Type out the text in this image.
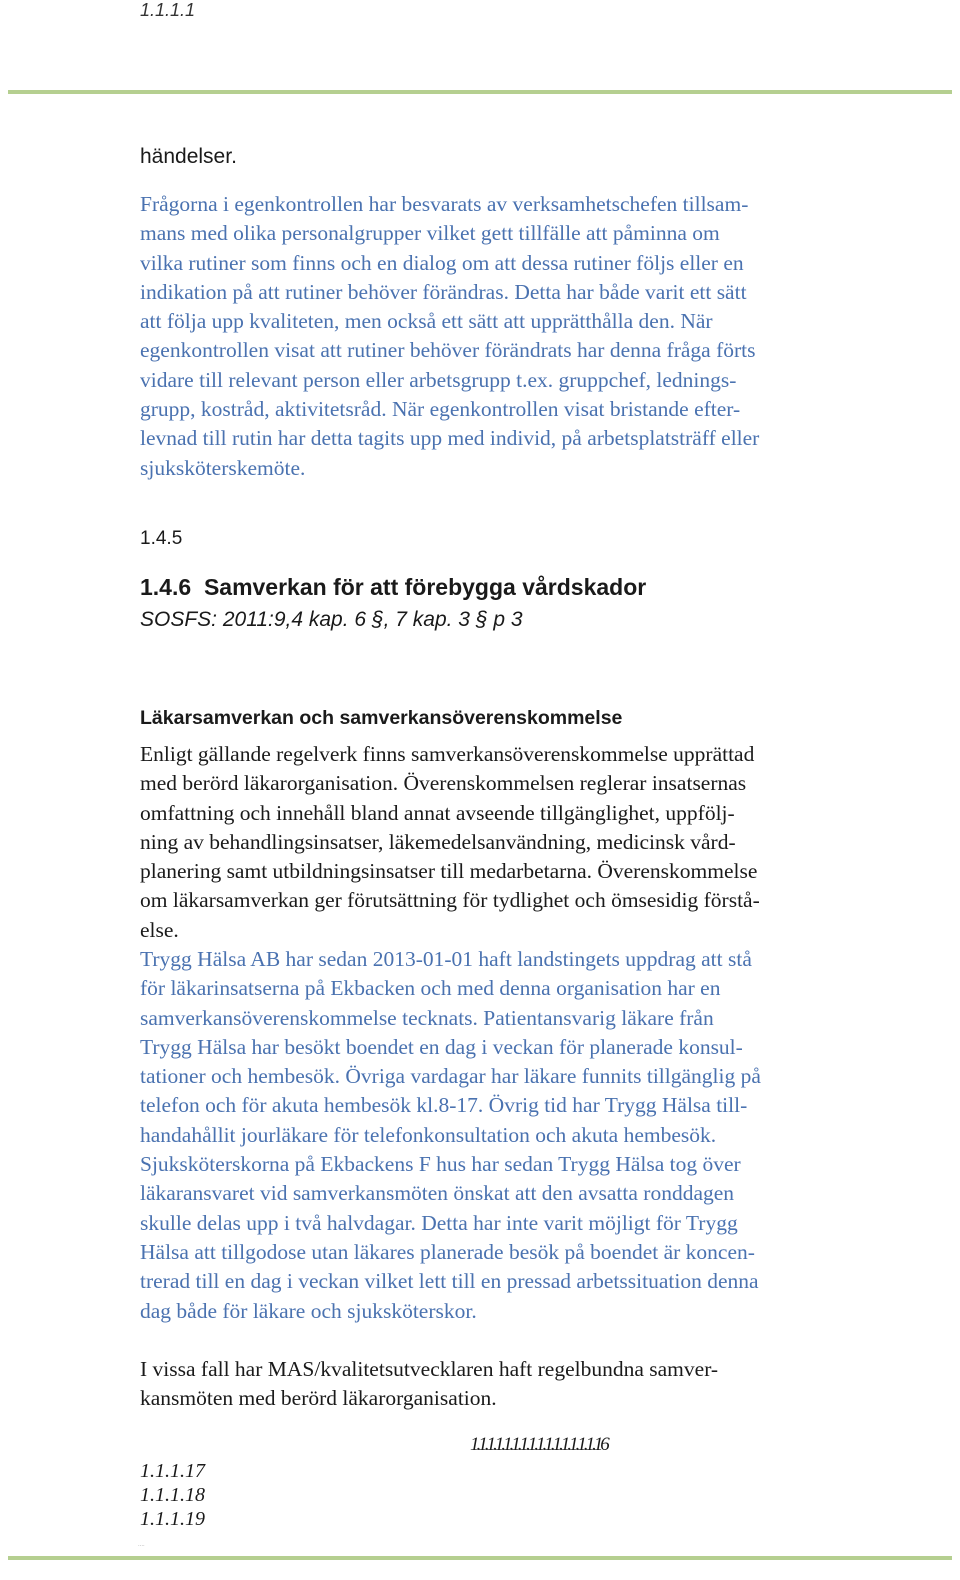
1.1.1.1
händelser.
Frågorna i egenkontrollen har besvarats av verksamhetschefen tillsam-
mans med olika personalgrupper vilket gett tillfälle att påminna om
vilka rutiner som finns och en dialog om att dessa rutiner följs eller en
indikation på att rutiner behöver förändras. Detta har både varit ett sätt
att följa upp kvaliteten, men också ett sätt att upprätthålla den. När
egenkontrollen visat att rutiner behöver förändrats har denna fråga förts
vidare till relevant person eller arbetsgrupp t.ex. gruppchef, lednings-
grupp, kostråd, aktivitetsråd. När egenkontrollen visat bristande efter-
levnad till rutin har detta tagits upp med individ, på arbetsplatsträff eller
sjuksköterskemöte.
1.4.5
1.4.6 Samverkan för att förebygga vårdskador
SOSFS: 2011:9,4 kap. 6 §, 7 kap. 3 § p 3
Läkarsamverkan och samverkansöverenskommelse
Enligt gällande regelverk finns samverkansöverenskommelse upprättad
med berörd läkarorganisation. Överenskommelsen reglerar insatsernas
omfattning och innehåll bland annat avseende tillgänglighet, uppfölj-
ning av behandlingsinsatser, läkemedelsanvändning, medicinsk vård-
planering samt utbildningsinsatser till medarbetarna. Överenskommelse
om läkarsamverkan ger förutsättning för tydlighet och ömsesidig förstå-
else.
Trygg Hälsa AB har sedan 2013-01-01 haft landstingets uppdrag att stå
för läkarinsatserna på Ekbacken och med denna organisation har en
samverkansöverenskommelse tecknats. Patientansvarig läkare från
Trygg Hälsa har besökt boendet en dag i veckan för planerade konsul-
tationer och hembesök. Övriga vardagar har läkare funnits tillgänglig på
telefon och för akuta hembesök kl.8-17. Övrig tid har Trygg Hälsa till-
handahållit jourläkare för telefonkonsultation och akuta hembesök.
Sjuksköterskorna på Ekbackens F hus har sedan Trygg Hälsa tog över
läkaransvaret vid samverkansmöten önskat att den avsatta ronddagen
skulle delas upp i två halvdagar. Detta har inte varit möjligt för Trygg
Hälsa att tillgodose utan läkares planerade besök på boendet är koncen-
trerad till en dag i veckan vilket lett till en pressad arbetssituation denna
dag både för läkare och sjuksköterskor.
I vissa fall har MAS/kvalitetsutvecklaren haft regelbundna samver-
kansmöten med berörd läkarorganisation.
1.1.1.1.1.1.1.1.1.1.1.1.1.1.1.16
1.1.1.17
1.1.1.18
1.1.1.19
....
